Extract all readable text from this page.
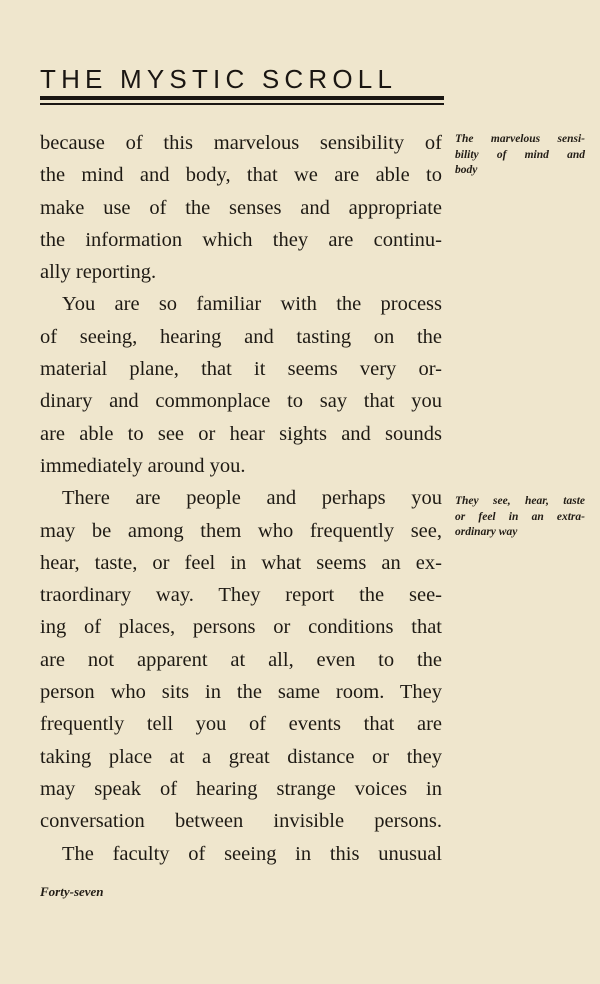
THE MYSTIC SCROLL
because of this marvelous sensibility of
the mind and body, that we are able to
make use of the senses and appropriate
the information which they are continu-
ally reporting.
You are so familiar with the process
of seeing, hearing and tasting on the
material plane, that it seems very or-
dinary and commonplace to say that you
are able to see or hear sights and sounds
immediately around you.
There are people and perhaps you
may be among them who frequently see,
hear, taste, or feel in what seems an ex-
traordinary way. They report the see-
ing of places, persons or conditions that
are not apparent at all, even to the
person who sits in the same room. They
frequently tell you of events that are
taking place at a great distance or they
may speak of hearing strange voices in
conversation between invisible persons.
The faculty of seeing in this unusual
The marvelous sensi-
bility of mind and
body
They see, hear, taste
or feel in an extra-
ordinary way
Forty-seven
